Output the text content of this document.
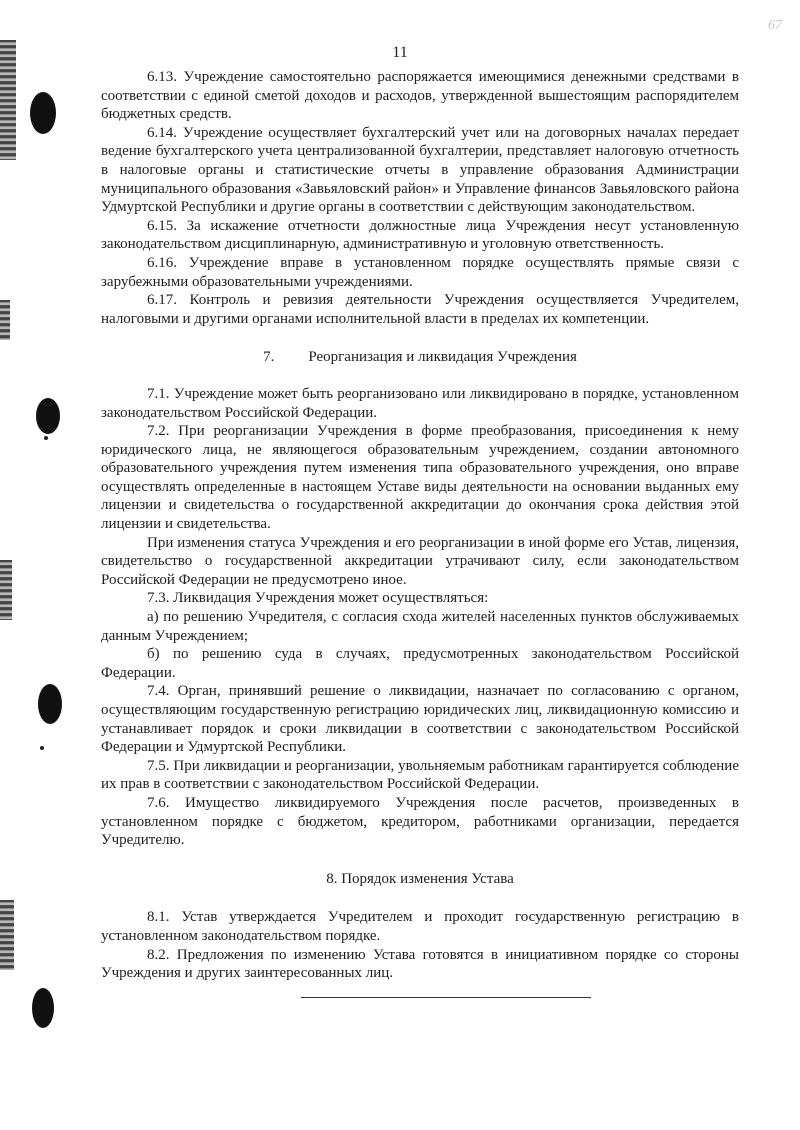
67
11

6.13. Учреждение самостоятельно распоряжается имеющимися денежными средствами в соответствии с единой сметой доходов и расходов, утвержденной вышестоящим распорядителем бюджетных средств.

6.14. Учреждение осуществляет бухгалтерский учет или на договорных началах передает ведение бухгалтерского учета централизованной бухгалтерии, представляет налоговую отчетность в налоговые органы и статистические отчеты в управление образования Администрации муниципального образования «Завьяловский район» и Управление финансов Завьяловского района Удмуртской Республики и другие органы в соответствии с действующим законодательством.

6.15. За искажение отчетности должностные лица Учреждения несут установленную законодательством дисциплинарную, административную и уголовную ответственность.

6.16. Учреждение вправе в установленном порядке осуществлять прямые связи с зарубежными образовательными учреждениями.

6.17. Контроль и ревизия деятельности Учреждения осуществляется Учредителем, налоговыми и другими органами исполнительной власти в пределах их компетенции.

7. Реорганизация и ликвидация Учреждения

7.1. Учреждение может быть реорганизовано или ликвидировано в порядке, установленном законодательством Российской Федерации.

7.2. При реорганизации Учреждения в форме преобразования, присоединения к нему юридического лица, не являющегося образовательным учреждением, создании автономного образовательного учреждения путем изменения типа образовательного учреждения, оно вправе осуществлять определенные в настоящем Уставе виды деятельности на основании выданных ему лицензии и свидетельства о государственной аккредитации до окончания срока действия этой лицензии и свидетельства.

При изменения статуса Учреждения и его реорганизации в иной форме его Устав, лицензия, свидетельство о государственной аккредитации утрачивают силу, если законодательством Российской Федерации не предусмотрено иное.

7.3. Ликвидация Учреждения может осуществляться:

а) по решению Учредителя, с согласия схода жителей населенных пунктов обслуживаемых данным Учреждением;

б) по решению суда в случаях, предусмотренных законодательством Российской Федерации.

7.4. Орган, принявший решение о ликвидации, назначает по согласованию с органом, осуществляющим государственную регистрацию юридических лиц, ликвидационную комиссию и устанавливает порядок и сроки ликвидации в соответствии с законодательством Российской Федерации и Удмуртской Республики.

7.5. При ликвидации и реорганизации, увольняемым работникам гарантируется соблюдение их прав в соответствии с законодательством Российской Федерации.

7.6. Имущество ликвидируемого Учреждения после расчетов, произведенных в установленном порядке с бюджетом, кредитором, работниками организации, передается Учредителю.

8. Порядок изменения Устава

8.1. Устав утверждается Учредителем и проходит государственную регистрацию в установленном законодательством порядке.

8.2. Предложения по изменению Устава готовятся в инициативном порядке со стороны Учреждения и других заинтересованных лиц.
